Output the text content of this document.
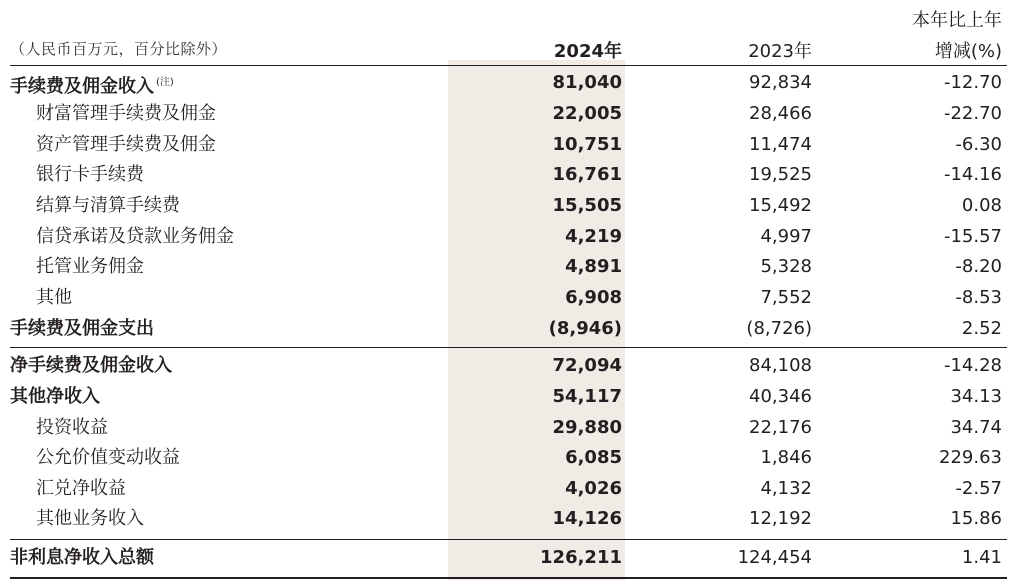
（人民币百万元，百分比除外）	2024年	2023年
本年比上年
增减(%)
手续费及佣金收入 $^{(注)}$	81,040	92,834	-12.70
财富管理手续费及佣金	22,005	28,466	-22.70
资产管理手续费及佣金	10,751	11,474	-6.30
银行卡手续费	16,761	19,525	-14.16
结算与清算手续费	15,505	15,492	0.08
信贷承诺及贷款业务佣金	4,219	4,997	-15.57
托管业务佣金	4,891	5,328	-8.20
其他	6,908	7,552	-8.53
手续费及佣金支出	(8,946)	(8,726)	2.52
净手续费及佣金收入	72,094	84,108	-14.28
其他净收入	54,117	40,346	34.13
投资收益	29,880	22,176	34.74
公允价值变动收益	6,085	1,846	229.63
汇兑净收益	4,026	4,132	-2.57
其他业务收入	14,126	12,192	15.86
非利息净收入总额	126,211	124,454	1.41
